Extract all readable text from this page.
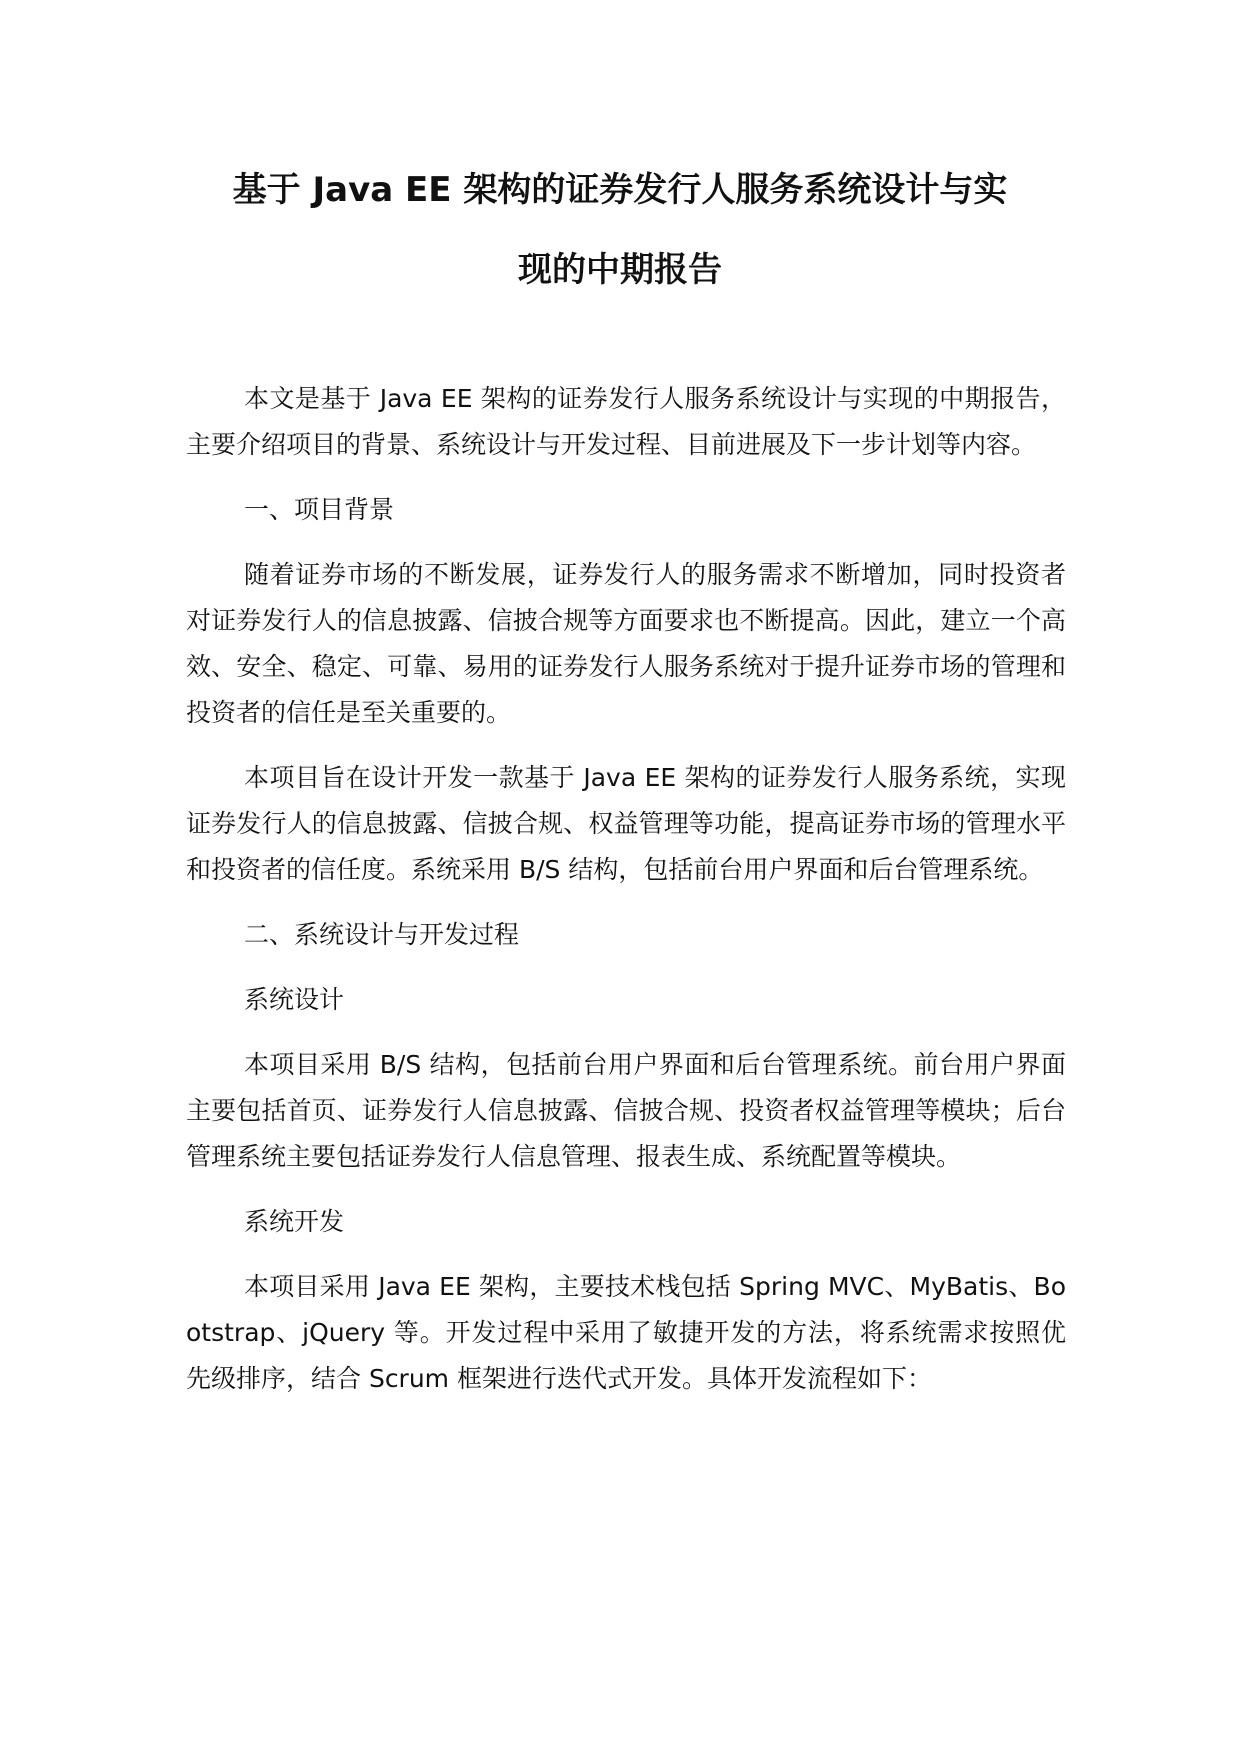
基于 Java EE 架构的证券发行人服务系统设计与实
现的中期报告

本文是基于 Java EE 架构的证券发行人服务系统设计与实现的中期报告，主要介绍项目的背景、系统设计与开发过程、目前进展及下一步计划等内容。

一、项目背景

随着证券市场的不断发展，证券发行人的服务需求不断增加，同时投资者对证券发行人的信息披露、信披合规等方面要求也不断提高。因此，建立一个高效、安全、稳定、可靠、易用的证券发行人服务系统对于提升证券市场的管理和投资者的信任是至关重要的。

本项目旨在设计开发一款基于 Java EE 架构的证券发行人服务系统，实现证券发行人的信息披露、信披合规、权益管理等功能，提高证券市场的管理水平和投资者的信任度。系统采用 B/S 结构，包括前台用户界面和后台管理系统。

二、系统设计与开发过程

系统设计

本项目采用 B/S 结构，包括前台用户界面和后台管理系统。前台用户界面主要包括首页、证券发行人信息披露、信披合规、投资者权益管理等模块；后台管理系统主要包括证券发行人信息管理、报表生成、系统配置等模块。

系统开发

本项目采用 Java EE 架构，主要技术栈包括 Spring MVC、MyBatis、Bootstrap、jQuery 等。开发过程中采用了敏捷开发的方法，将系统需求按照优先级排序，结合 Scrum 框架进行迭代式开发。具体开发流程如下：
